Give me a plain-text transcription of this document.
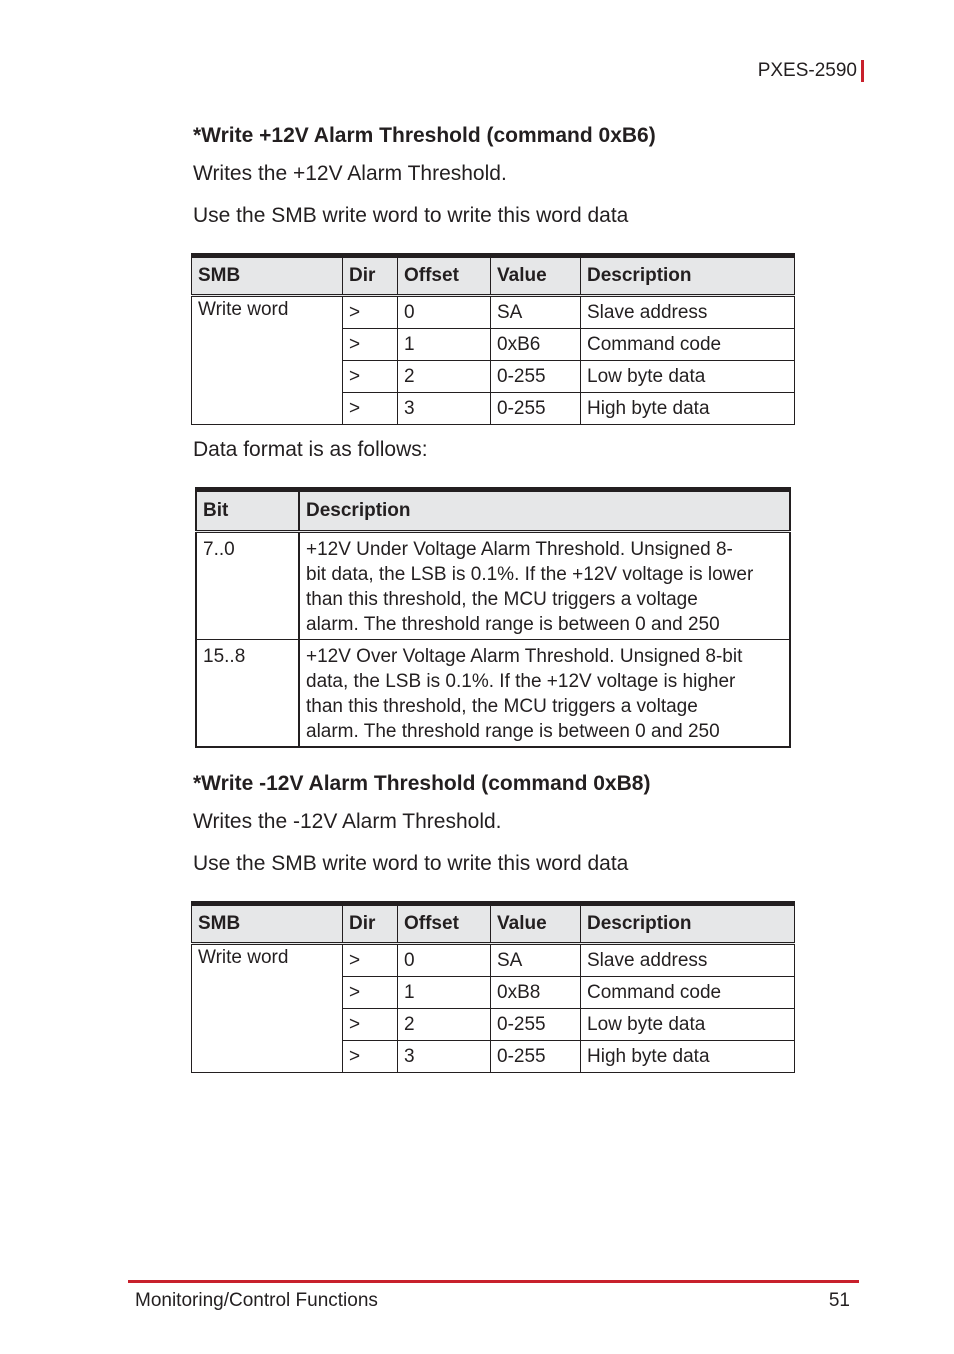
PXES-2590

*Write +12V Alarm Threshold (command 0xB6)

Writes the +12V Alarm Threshold.

Use the SMB write word to write this word data

SMB	Dir	Offset	Value	Description
Write word	>	0	SA	Slave address
	>	1	0xB6	Command code
	>	2	0-255	Low byte data
	>	3	0-255	High byte data

Data format is as follows:

Bit	Description
7..0	+12V Under Voltage Alarm Threshold. Unsigned 8-
bit data, the LSB is 0.1%. If the +12V voltage is lower
than this threshold, the MCU triggers a voltage
alarm. The threshold range is between 0 and 250

15..8	+12V Over Voltage Alarm Threshold. Unsigned 8-bit
data, the LSB is 0.1%. If the +12V voltage is higher
than this threshold, the MCU triggers a voltage
alarm. The threshold range is between 0 and 250

*Write -12V Alarm Threshold (command 0xB8)

Writes the -12V Alarm Threshold.

Use the SMB write word to write this word data

SMB	Dir	Offset	Value	Description
Write word	>	0	SA	Slave address
	>	1	0xB8	Command code
	>	2	0-255	Low byte data
	>	3	0-255	High byte data
Monitoring/Control Functions	51
